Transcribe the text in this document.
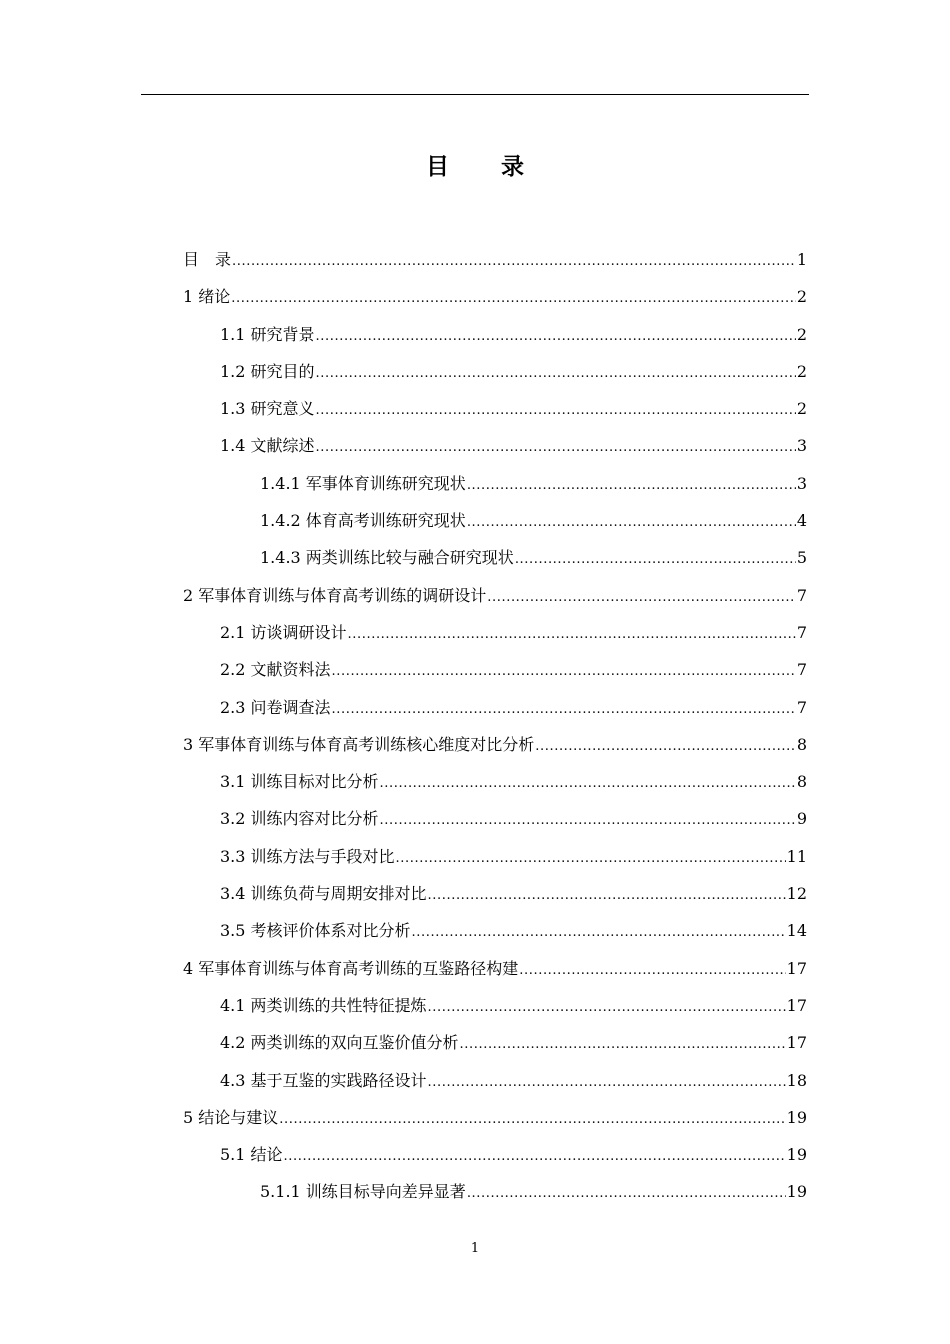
目 录
目　录 .....	1
1 绪论 .....	2
1.1 研究背景 .....	2
1.2 研究目的 .....	2
1.3 研究意义 .....	2
1.4 文献综述 .....	3
1.4.1 军事体育训练研究现状 .....	3
1.4.2 体育高考训练研究现状 .....	4
1.4.3 两类训练比较与融合研究现状 .....	5
2 军事体育训练与体育高考训练的调研设计 .....	7
2.1 访谈调研设计 .....	7
2.2 文献资料法 .....	7
2.3 问卷调查法 .....	7
3 军事体育训练与体育高考训练核心维度对比分析 .....	8
3.1 训练目标对比分析 .....	8
3.2 训练内容对比分析 .....	9
3.3 训练方法与手段对比 .....	11
3.4 训练负荷与周期安排对比 .....	12
3.5 考核评价体系对比分析 .....	14
4 军事体育训练与体育高考训练的互鉴路径构建 .....	17
4.1 两类训练的共性特征提炼 .....	17
4.2 两类训练的双向互鉴价值分析 .....	17
4.3 基于互鉴的实践路径设计 .....	18
5 结论与建议 .....	19
5.1 结论 .....	19
5.1.1 训练目标导向差异显著 .....	19
1
